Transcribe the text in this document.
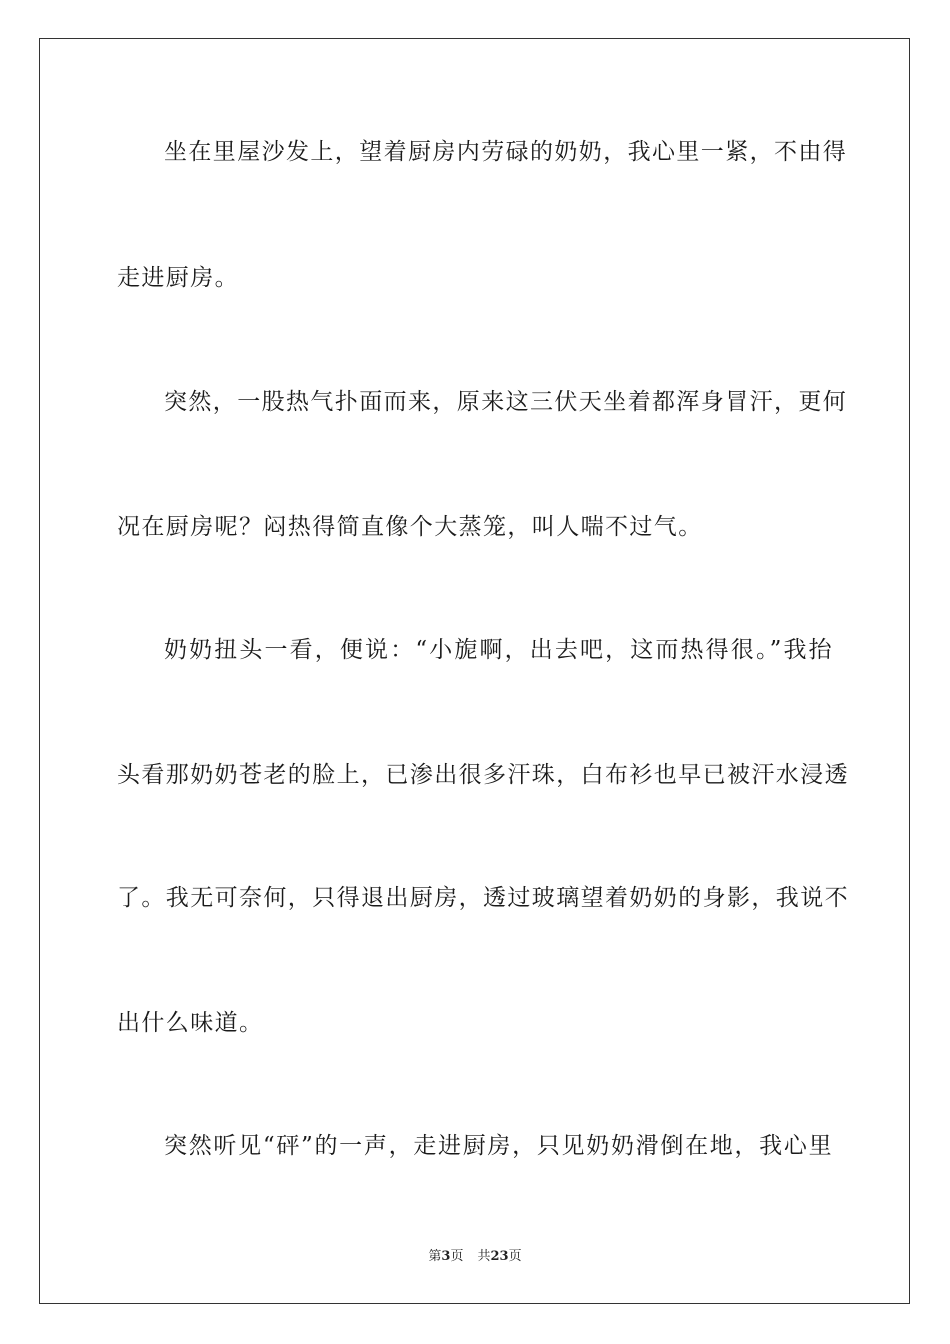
坐在里屋沙发上，望着厨房内劳碌的奶奶，我心里一紧，不由得
走进厨房。
突然，一股热气扑面而来，原来这三伏天坐着都浑身冒汗，更何
况在厨房呢？闷热得简直像个大蒸笼，叫人喘不过气。
奶奶扭头一看，便说：“小旎啊，出去吧，这而热得很。”我抬
头看那奶奶苍老的脸上，已渗出很多汗珠，白布衫也早已被汗水浸透
了。我无可奈何，只得退出厨房，透过玻璃望着奶奶的身影，我说不
出什么味道。
突然听见“砰”的一声，走进厨房，只见奶奶滑倒在地，我心里
第3页 共23页
